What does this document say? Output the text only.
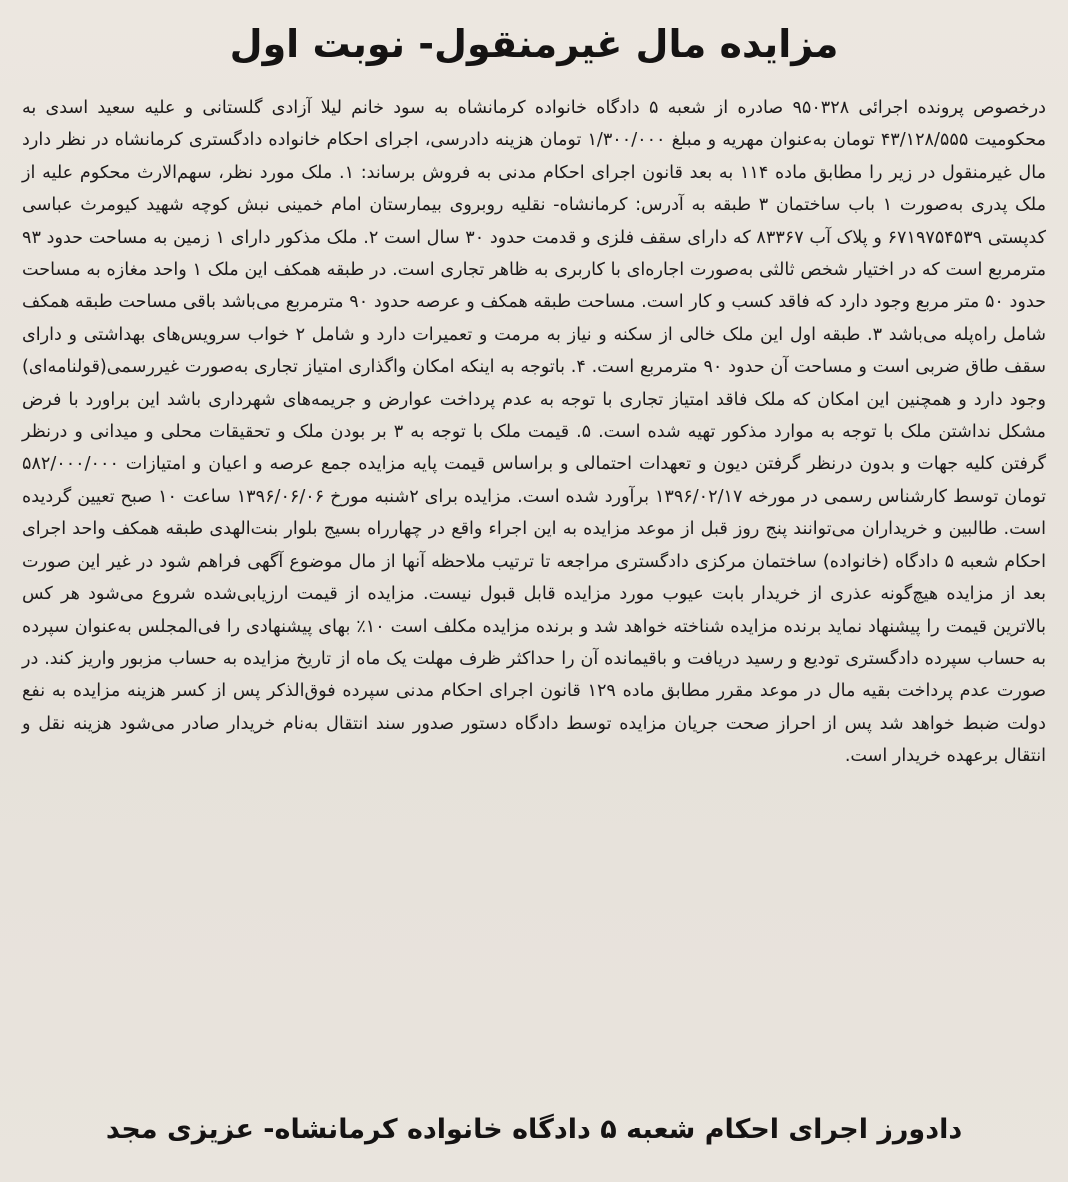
مزایده مال غیرمنقول- نوبت اول

درخصوص پرونده اجرائی ۹۵۰۳۲۸ صادره از شعبه ۵ دادگاه خانواده کرمانشاه به سود خانم لیلا آزادی گلستانی و علیه سعید اسدی به محکومیت ۴۳/۱۲۸/۵۵۵ تومان به‌عنوان مهریه و مبلغ ۱/۳۰۰/۰۰۰ تومان هزینه دادرسی، اجرای احکام خانواده دادگستری کرمانشاه در نظر دارد مال غیرمنقول در زیر را مطابق ماده ۱۱۴ به بعد قانون اجرای احکام مدنی به فروش برساند: ۱. ملک مورد نظر، سهم‌الارث محکوم علیه از ملک پدری به‌صورت ۱ باب ساختمان ۳ طبقه به آدرس: کرمانشاه- نقلیه روبروی بیمارستان امام خمینی نبش کوچه شهید کیومرث عباسی کدپستی ۶۷۱۹۷۵۴۵۳۹ و پلاک آب ۸۳۳۶۷ که دارای سقف فلزی و قدمت حدود ۳۰ سال است ۲. ملک مذکور دارای ۱ زمین به مساحت حدود ۹۳ مترمربع است که در اختیار شخص ثالثی به‌صورت اجاره‌ای با کاربری به ظاهر تجاری است. در طبقه همکف این ملک ۱ واحد مغازه به مساحت حدود ۵۰ متر مربع وجود دارد که فاقد کسب و کار است. مساحت طبقه همکف و عرصه حدود ۹۰ مترمربع می‌باشد باقی مساحت طبقه همکف شامل راه‌پله می‌باشد ۳. طبقه اول این ملک خالی از سکنه و نیاز به مرمت و تعمیرات دارد و شامل ۲ خواب سرویس‌های بهداشتی و دارای سقف طاق ضربی است و مساحت آن حدود ۹۰ مترمربع است. ۴. باتوجه به اینکه امکان واگذاری امتیاز تجاری به‌صورت غیررسمی(قولنامه‌ای) وجود دارد و همچنین این امکان که ملک فاقد امتیاز تجاری با توجه به عدم پرداخت عوارض و جریمه‌های شهرداری باشد این براورد با فرض مشکل نداشتن ملک با توجه به موارد مذکور تهیه شده است. ۵. قیمت ملک با توجه به ۳ بر بودن ملک و تحقیقات محلی و میدانی و درنظر گرفتن کلیه جهات و بدون درنظر گرفتن دیون و تعهدات احتمالی و براساس قیمت پایه مزایده جمع عرصه و اعیان و امتیازات ۵۸۲/۰۰۰/۰۰۰ تومان توسط کارشناس رسمی در مورخه ۱۳۹۶/۰۲/۱۷ برآورد شده است. مزایده برای ۲شنبه مورخ ۱۳۹۶/۰۶/۰۶ ساعت ۱۰ صبح تعیین گردیده است. طالبین و خریداران می‌توانند پنج روز قبل از موعد مزایده به این اجراء واقع در چهارراه بسیج بلوار بنت‌الهدی طبقه همکف واحد اجرای احکام شعبه ۵ دادگاه (خانواده) ساختمان مرکزی دادگستری مراجعه تا ترتیب ملاحظه آنها از مال موضوع آگهی فراهم شود در غیر این صورت بعد از مزایده هیچ‌گونه عذری از خریدار بابت عیوب مورد مزایده قابل قبول نیست. مزایده از قیمت ارزیابی‌شده شروع می‌شود هر کس بالاترین قیمت را پیشنهاد نماید برنده مزایده شناخته خواهد شد و برنده مزایده مکلف است ۱۰٪ بهای پیشنهادی را فی‌المجلس به‌عنوان سپرده به حساب سپرده دادگستری تودیع و رسید دریافت و باقیمانده آن را حداکثر ظرف مهلت یک ماه از تاریخ مزایده به حساب مزبور واریز کند. در صورت عدم پرداخت بقیه مال در موعد مقرر مطابق ماده ۱۲۹ قانون اجرای احکام مدنی سپرده فوق‌الذکر پس از کسر هزینه مزایده به نفع دولت ضبط خواهد شد پس از احراز صحت جریان مزایده توسط دادگاه دستور صدور سند انتقال به‌نام خریدار صادر می‌شود هزینه نقل و انتقال برعهده خریدار است.

دادورز اجرای احکام شعبه ۵ دادگاه خانواده کرمانشاه- عزیزی مجد
